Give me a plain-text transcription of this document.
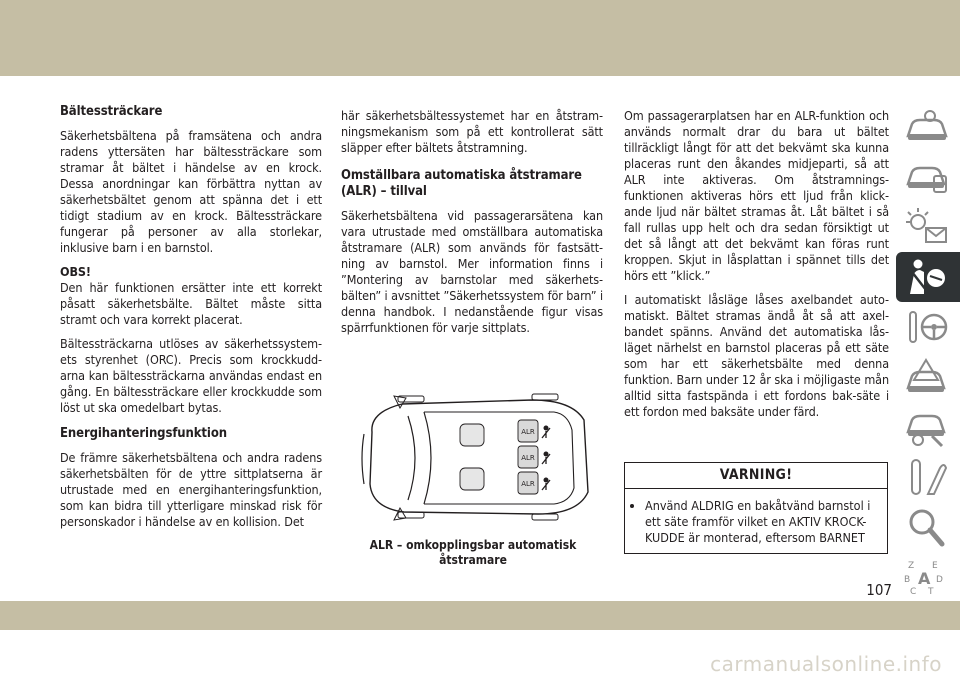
Bältessträckare

Säkerhetsbältena på framsätena och andra radens yttersäten har bältessträckare som stramar åt bältet i händelse av en krock. Dessa anordningar kan förbättra nyttan av säkerhetsbältet genom att spänna det i ett tidigt stadium av en krock. Bältessträckare fungerar på personer av alla storlekar, inklusive barn i en barnstol.

OBS!
Den här funktionen ersätter inte ett korrekt påsatt säkerhetsbälte. Bältet måste sitta stramt och vara korrekt placerat.

Bältessträckarna utlöses av säkerhetssystem-ets styrenhet (ORC). Precis som krockkudd-arna kan bältessträckarna användas endast en gång. En bältessträckare eller krockkudde som löst ut ska omedelbart bytas.

Energihanteringsfunktion

De främre säkerhetsbältena och andra radens säkerhetsbälten för de yttre sittplatserna är utrustade med en energihanteringsfunktion, som kan bidra till ytterligare minskad risk för personskador i händelse av en kollision. Det

här säkerhetsbältessystemet har en åtstram-ningsmekanism som på ett kontrollerat sätt släpper efter bältets åtstramning.

Omställbara automatiska åtstramare (ALR) – tillval

Säkerhetsbältena vid passagerarsätena kan vara utrustade med omställbara automatiska åtstramare (ALR) som används för fastsätt-ning av barnstol. Mer information finns i ”Montering av barnstolar med säkerhets-bälten” i avsnittet ”Säkerhetssystem för barn” i denna handbok. I nedanstående figur visas spärrfunktionen för varje sittplats.

ALR
ALR
ALR
ALR – omkopplingsbar automatisk åtstramare

Om passagerarplatsen har en ALR-funktion och används normalt drar du bara ut bältet tillräckligt långt för att det bekvämt ska kunna placeras runt den åkandes midjeparti, så att ALR inte aktiveras. Om åtstramnings-funktionen aktiveras hörs ett ljud från klick-ande ljud när bältet stramas åt. Låt bältet i så fall rullas upp helt och dra sedan försiktigt ut det så långt att det bekvämt kan föras runt kroppen. Skjut in låsplattan i spännet tills det hörs ett ”klick.”

I automatiskt låsläge låses axelbandet auto-matiskt. Bältet stramas ändå åt så att axel-bandet spänns. Använd det automatiska lås-läget närhelst en barnstol placeras på ett säte som har ett säkerhetsbälte med denna funktion. Barn under 12 år ska i möjligaste mån alltid sitta fastspända i ett fordons bak-säte i ett fordon med baksäte under färd.

VARNING!
• Använd ALDRIG en bakåtvänd barnstol i ett säte framför vilket en AKTIV KROCK-KUDDE är monterad, eftersom BARNET
Z E
B A D
C T
107
carmanualsonline.info
